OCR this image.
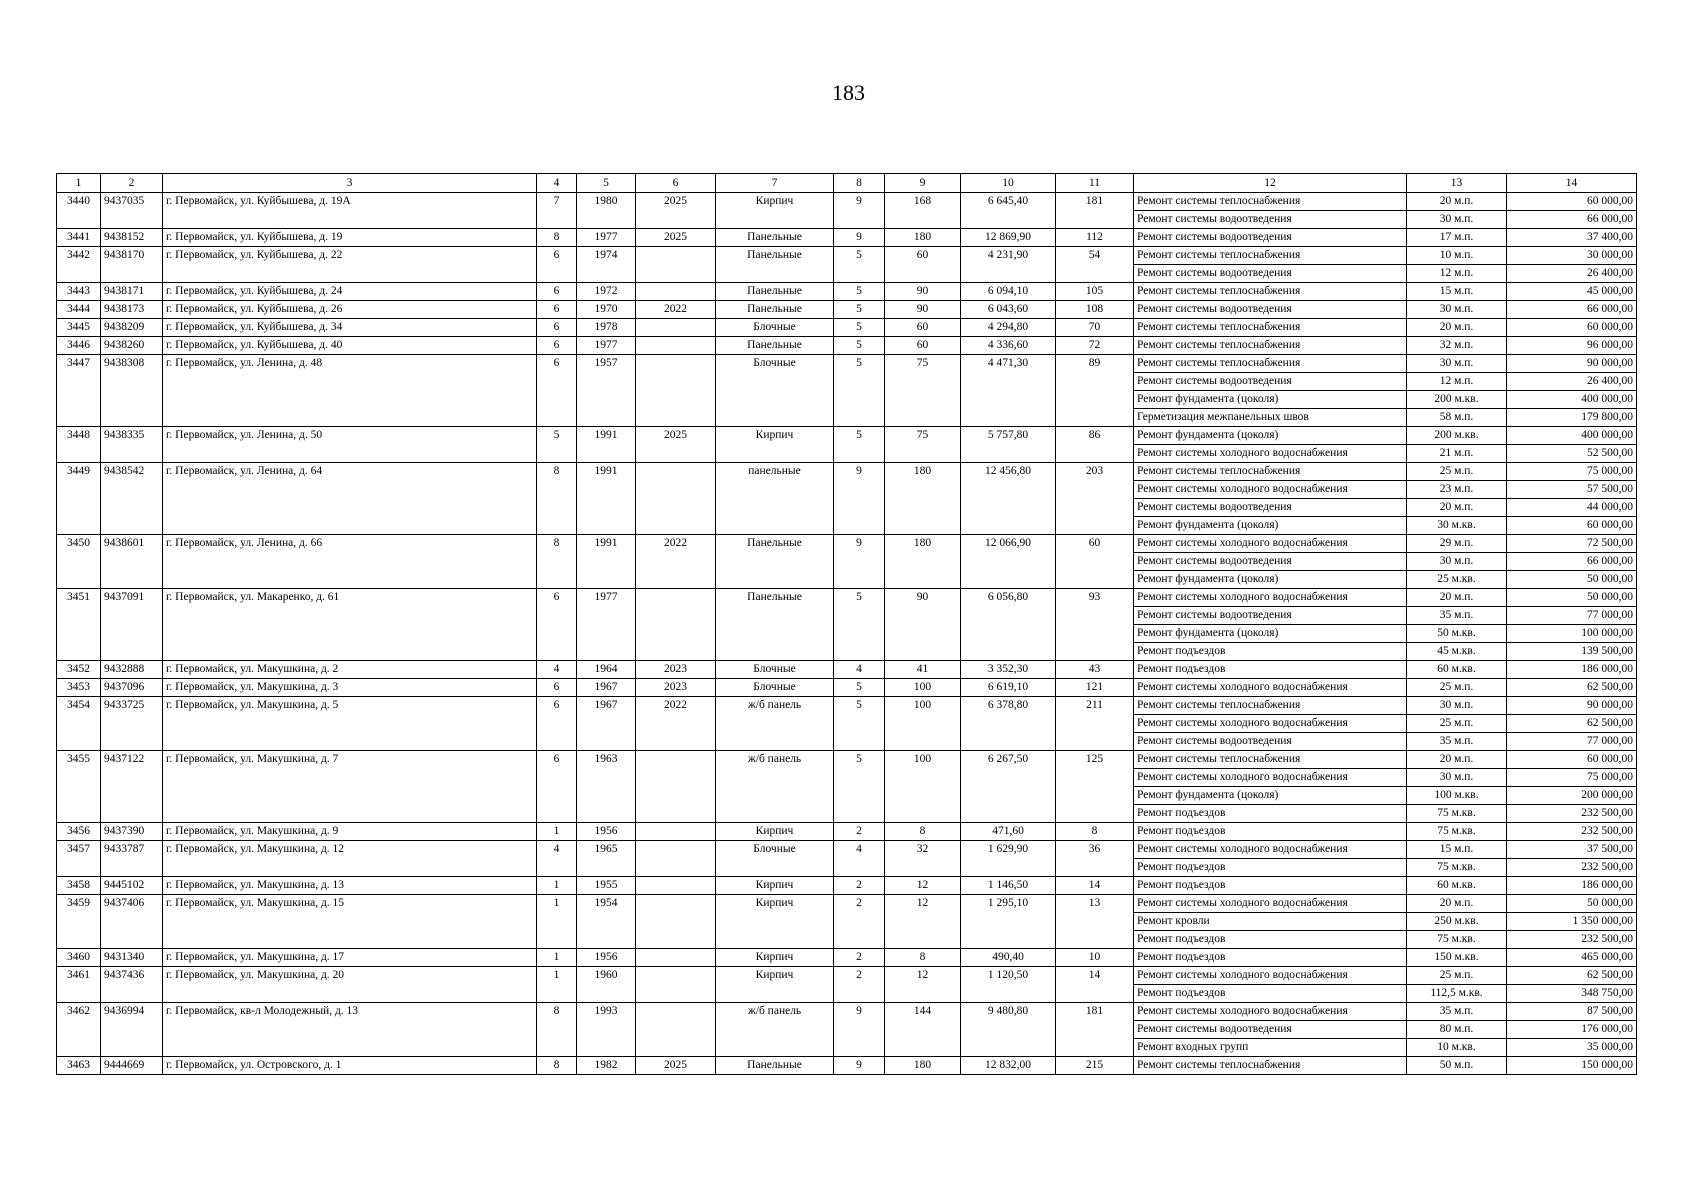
183
1	2	3	4	5	6	7	8	9	10	11	12	13	14
3440	9437035	г. Первомайск, ул. Куйбышева, д. 19А	7	1980	2025	Кирпич	9	168	6 645,40	181	Ремонт системы теплоснабжения	20 м.п.	60 000,00
											Ремонт системы водоотведения	30 м.п.	66 000,00
3441	9438152	г. Первомайск, ул. Куйбышева, д. 19	8	1977	2025	Панельные	9	180	12 869,90	112	Ремонт системы водоотведения	17 м.п.	37 400,00
3442	9438170	г. Первомайск, ул. Куйбышева, д. 22	6	1974		Панельные	5	60	4 231,90	54	Ремонт системы теплоснабжения	10 м.п.	30 000,00
											Ремонт системы водоотведения	12 м.п.	26 400,00
3443	9438171	г. Первомайск, ул. Куйбышева, д. 24	6	1972		Панельные	5	90	6 094,10	105	Ремонт системы теплоснабжения	15 м.п.	45 000,00
3444	9438173	г. Первомайск, ул. Куйбышева, д. 26	6	1970	2022	Панельные	5	90	6 043,60	108	Ремонт системы водоотведения	30 м.п.	66 000,00
3445	9438209	г. Первомайск, ул. Куйбышева, д. 34	6	1978		Блочные	5	60	4 294,80	70	Ремонт системы теплоснабжения	20 м.п.	60 000,00
3446	9438260	г. Первомайск, ул. Куйбышева, д. 40	6	1977		Панельные	5	60	4 336,60	72	Ремонт системы теплоснабжения	32 м.п.	96 000,00
3447	9438308	г. Первомайск, ул. Ленина, д. 48	6	1957		Блочные	5	75	4 471,30	89	Ремонт системы теплоснабжения	30 м.п.	90 000,00
											Ремонт системы водоотведения	12 м.п.	26 400,00
											Ремонт фундамента (цоколя)	200 м.кв.	400 000,00
											Герметизация межпанельных швов	58 м.п.	179 800,00
3448	9438335	г. Первомайск, ул. Ленина, д. 50	5	1991	2025	Кирпич	5	75	5 757,80	86	Ремонт фундамента (цоколя)	200 м.кв.	400 000,00
											Ремонт системы холодного водоснабжения	21 м.п.	52 500,00
3449	9438542	г. Первомайск, ул. Ленина, д. 64	8	1991		панельные	9	180	12 456,80	203	Ремонт системы теплоснабжения	25 м.п.	75 000,00
											Ремонт системы холодного водоснабжения	23 м.п.	57 500,00
											Ремонт системы водоотведения	20 м.п.	44 000,00
											Ремонт фундамента (цоколя)	30 м.кв.	60 000,00
3450	9438601	г. Первомайск, ул. Ленина, д. 66	8	1991	2022	Панельные	9	180	12 066,90	60	Ремонт системы холодного водоснабжения	29 м.п.	72 500,00
											Ремонт системы водоотведения	30 м.п.	66 000,00
											Ремонт фундамента (цоколя)	25 м.кв.	50 000,00
3451	9437091	г. Первомайск, ул. Макаренко, д. 61	6	1977		Панельные	5	90	6 056,80	93	Ремонт системы холодного водоснабжения	20 м.п.	50 000,00
											Ремонт системы водоотведения	35 м.п.	77 000,00
											Ремонт фундамента (цоколя)	50 м.кв.	100 000,00
											Ремонт подъездов	45 м.кв.	139 500,00
3452	9432888	г. Первомайск, ул. Макушкина, д. 2	4	1964	2023	Блочные	4	41	3 352,30	43	Ремонт подъездов	60 м.кв.	186 000,00
3453	9437096	г. Первомайск, ул. Макушкина, д. 3	6	1967	2023	Блочные	5	100	6 619,10	121	Ремонт системы холодного водоснабжения	25 м.п.	62 500,00
3454	9433725	г. Первомайск, ул. Макушкина, д. 5	6	1967	2022	ж/б панель	5	100	6 378,80	211	Ремонт системы теплоснабжения	30 м.п.	90 000,00
											Ремонт системы холодного водоснабжения	25 м.п.	62 500,00
											Ремонт системы водоотведения	35 м.п.	77 000,00
3455	9437122	г. Первомайск, ул. Макушкина, д. 7	6	1963		ж/б панель	5	100	6 267,50	125	Ремонт системы теплоснабжения	20 м.п.	60 000,00
											Ремонт системы холодного водоснабжения	30 м.п.	75 000,00
											Ремонт фундамента (цоколя)	100 м.кв.	200 000,00
											Ремонт подъездов	75 м.кв.	232 500,00
3456	9437390	г. Первомайск, ул. Макушкина, д. 9	1	1956		Кирпич	2	8	471,60	8	Ремонт подъездов	75 м.кв.	232 500,00
3457	9433787	г. Первомайск, ул. Макушкина, д. 12	4	1965		Блочные	4	32	1 629,90	36	Ремонт системы холодного водоснабжения	15 м.п.	37 500,00
											Ремонт подъездов	75 м.кв.	232 500,00
3458	9445102	г. Первомайск, ул. Макушкина, д. 13	1	1955		Кирпич	2	12	1 146,50	14	Ремонт подъездов	60 м.кв.	186 000,00
3459	9437406	г. Первомайск, ул. Макушкина, д. 15	1	1954		Кирпич	2	12	1 295,10	13	Ремонт системы холодного водоснабжения	20 м.п.	50 000,00
											Ремонт кровли	250 м.кв.	1 350 000,00
											Ремонт подъездов	75 м.кв.	232 500,00
3460	9431340	г. Первомайск, ул. Макушкина, д. 17	1	1956		Кирпич	2	8	490,40	10	Ремонт подъездов	150 м.кв.	465 000,00
3461	9437436	г. Первомайск, ул. Макушкина, д. 20	1	1960		Кирпич	2	12	1 120,50	14	Ремонт системы холодного водоснабжения	25 м.п.	62 500,00
											Ремонт подъездов	112,5 м.кв.	348 750,00
3462	9436994	г. Первомайск, кв-л Молодежный, д. 13	8	1993		ж/б панель	9	144	9 480,80	181	Ремонт системы холодного водоснабжения	35 м.п.	87 500,00
											Ремонт системы водоотведения	80 м.п.	176 000,00
											Ремонт входных групп	10 м.кв.	35 000,00
3463	9444669	г. Первомайск, ул. Островского, д. 1	8	1982	2025	Панельные	9	180	12 832,00	215	Ремонт системы теплоснабжения	50 м.п.	150 000,00
